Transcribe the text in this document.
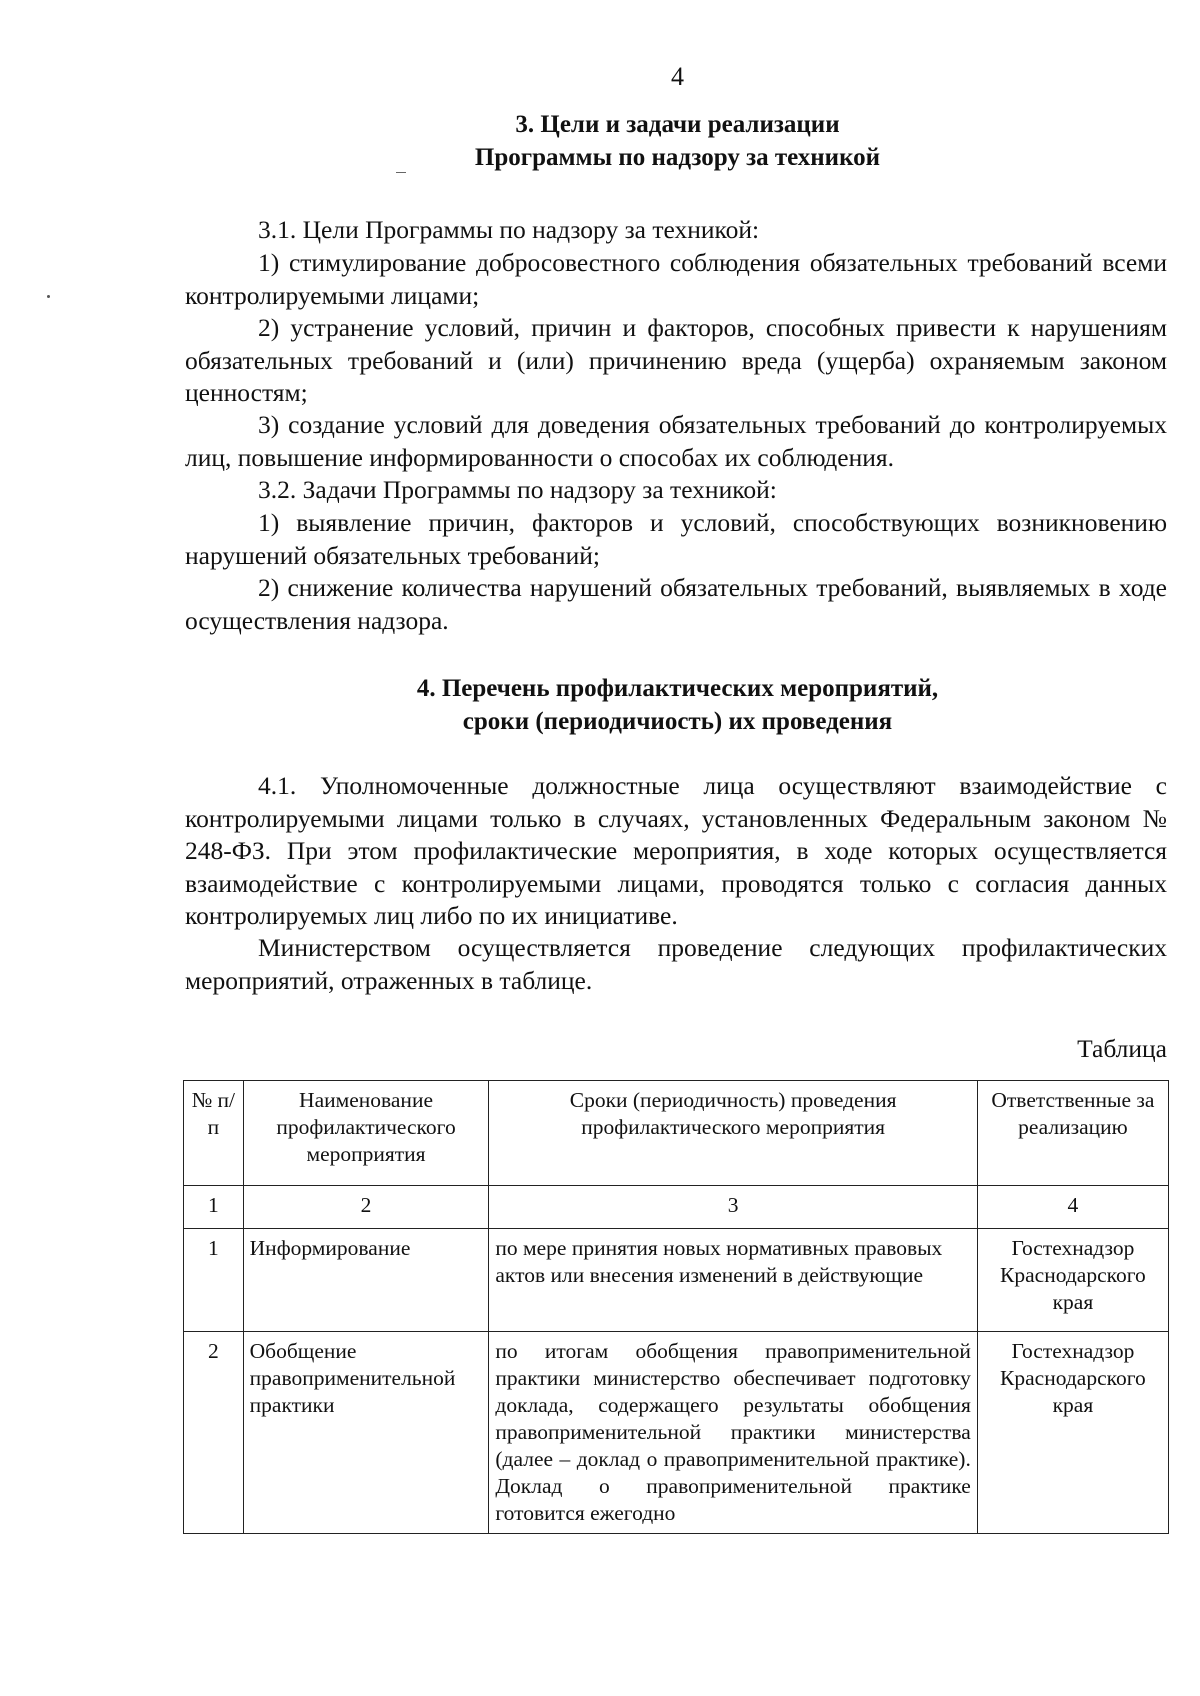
4
3. Цели и задачи реализации
Программы по надзору за техникой
3.1. Цели Программы по надзору за техникой:
1) стимулирование добросовестного соблюдения обязательных требований всеми контролируемыми лицами;
2) устранение условий, причин и факторов, способных привести к нарушениям обязательных требований и (или) причинению вреда (ущерба) охраняемым законом ценностям;
3) создание условий для доведения обязательных требований до контролируемых лиц, повышение информированности о способах их соблюдения.
3.2. Задачи Программы по надзору за техникой:
1) выявление причин, факторов и условий, способствующих возникновению нарушений обязательных требований;
2) снижение количества нарушений обязательных требований, выявляемых в ходе осуществления надзора.
4. Перечень профилактических мероприятий,
сроки (периодичиость) их проведения
4.1. Уполномоченные должностные лица осуществляют взаимодействие с контролируемыми лицами только в случаях, установленных Федеральным законом № 248-ФЗ. При этом профилактические мероприятия, в ходе которых осуществляется взаимодействие с контролируемыми лицами, проводятся только с согласия данных контролируемых лиц либо по их инициативе.
Министерством осуществляется проведение следующих профилактических мероприятий, отраженных в таблице.
Таблица
№ п/п	Наименование профилактического мероприятия	Сроки (периодичность) проведения профилактического мероприятия	Ответственные за реализацию
1	2	3	4
1	Информирование	по мере принятия новых нормативных правовых актов или внесения изменений в действующие	Гостехнадзор Краснодарского края
2	Обобщение правоприменительной практики	по итогам обобщения правоприменительной практики министерство обеспечивает подготовку доклада, содержащего результаты обобщения правоприменительной практики министерства (далее – доклад о правоприменительной практике). Доклад о правоприменительной практике готовится ежегодно	Гостехнадзор Краснодарского края
